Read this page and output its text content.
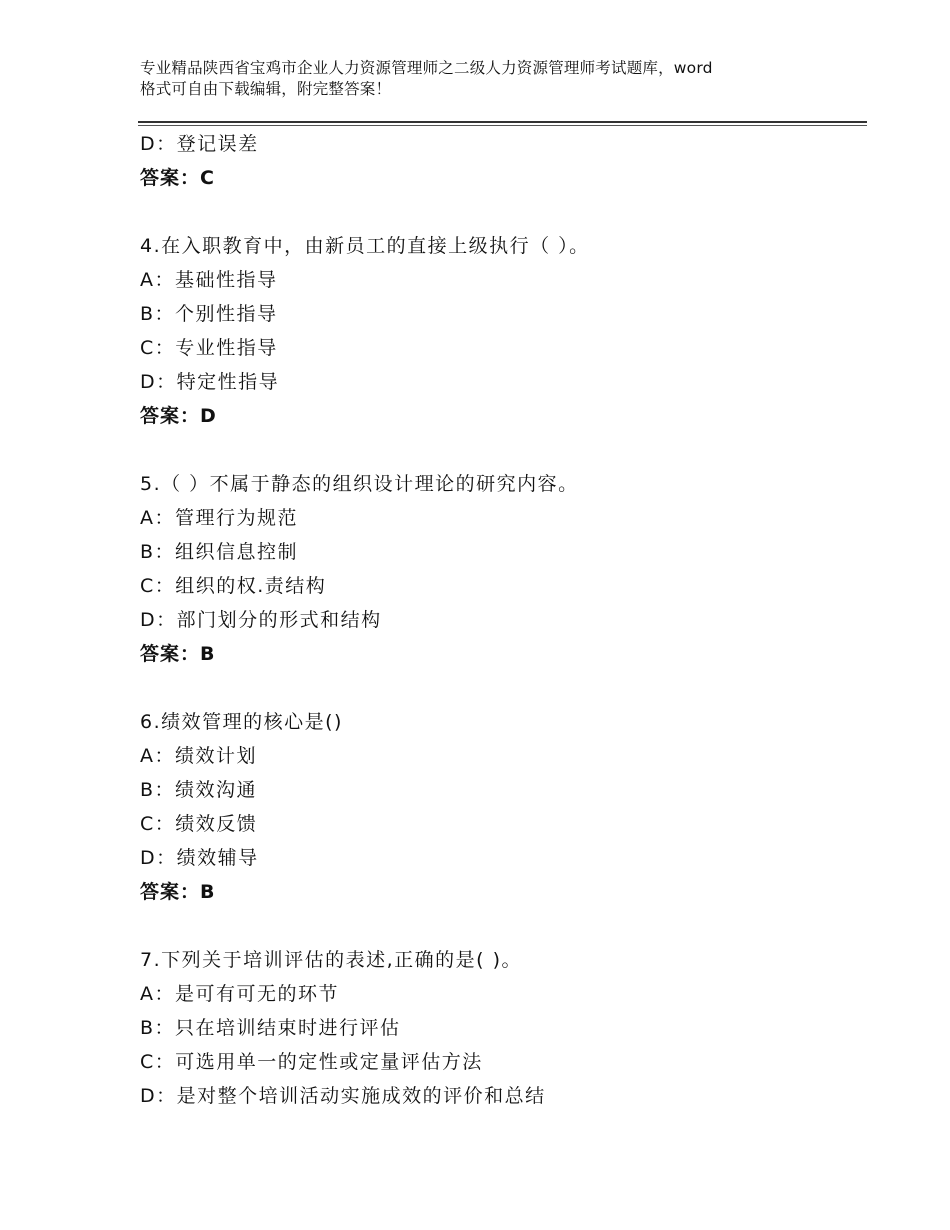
专业精品陕西省宝鸡市企业人力资源管理师之二级人力资源管理师考试题库，word
格式可自由下载编辑，附完整答案！
D：登记误差
答案：C
4.在入职教育中，由新员工的直接上级执行（ ）。
A：基础性指导
B：个别性指导
C：专业性指导
D：特定性指导
答案：D
5.（ ）不属于静态的组织设计理论的研究内容。
A：管理行为规范
B：组织信息控制
C：组织的权.责结构
D：部门划分的形式和结构
答案：B
6.绩效管理的核心是()
A：绩效计划
B：绩效沟通
C：绩效反馈
D：绩效辅导
答案：B
7.下列关于培训评估的表述,正确的是( )。
A：是可有可无的环节
B：只在培训结束时进行评估
C：可选用单一的定性或定量评估方法
D：是对整个培训活动实施成效的评价和总结
